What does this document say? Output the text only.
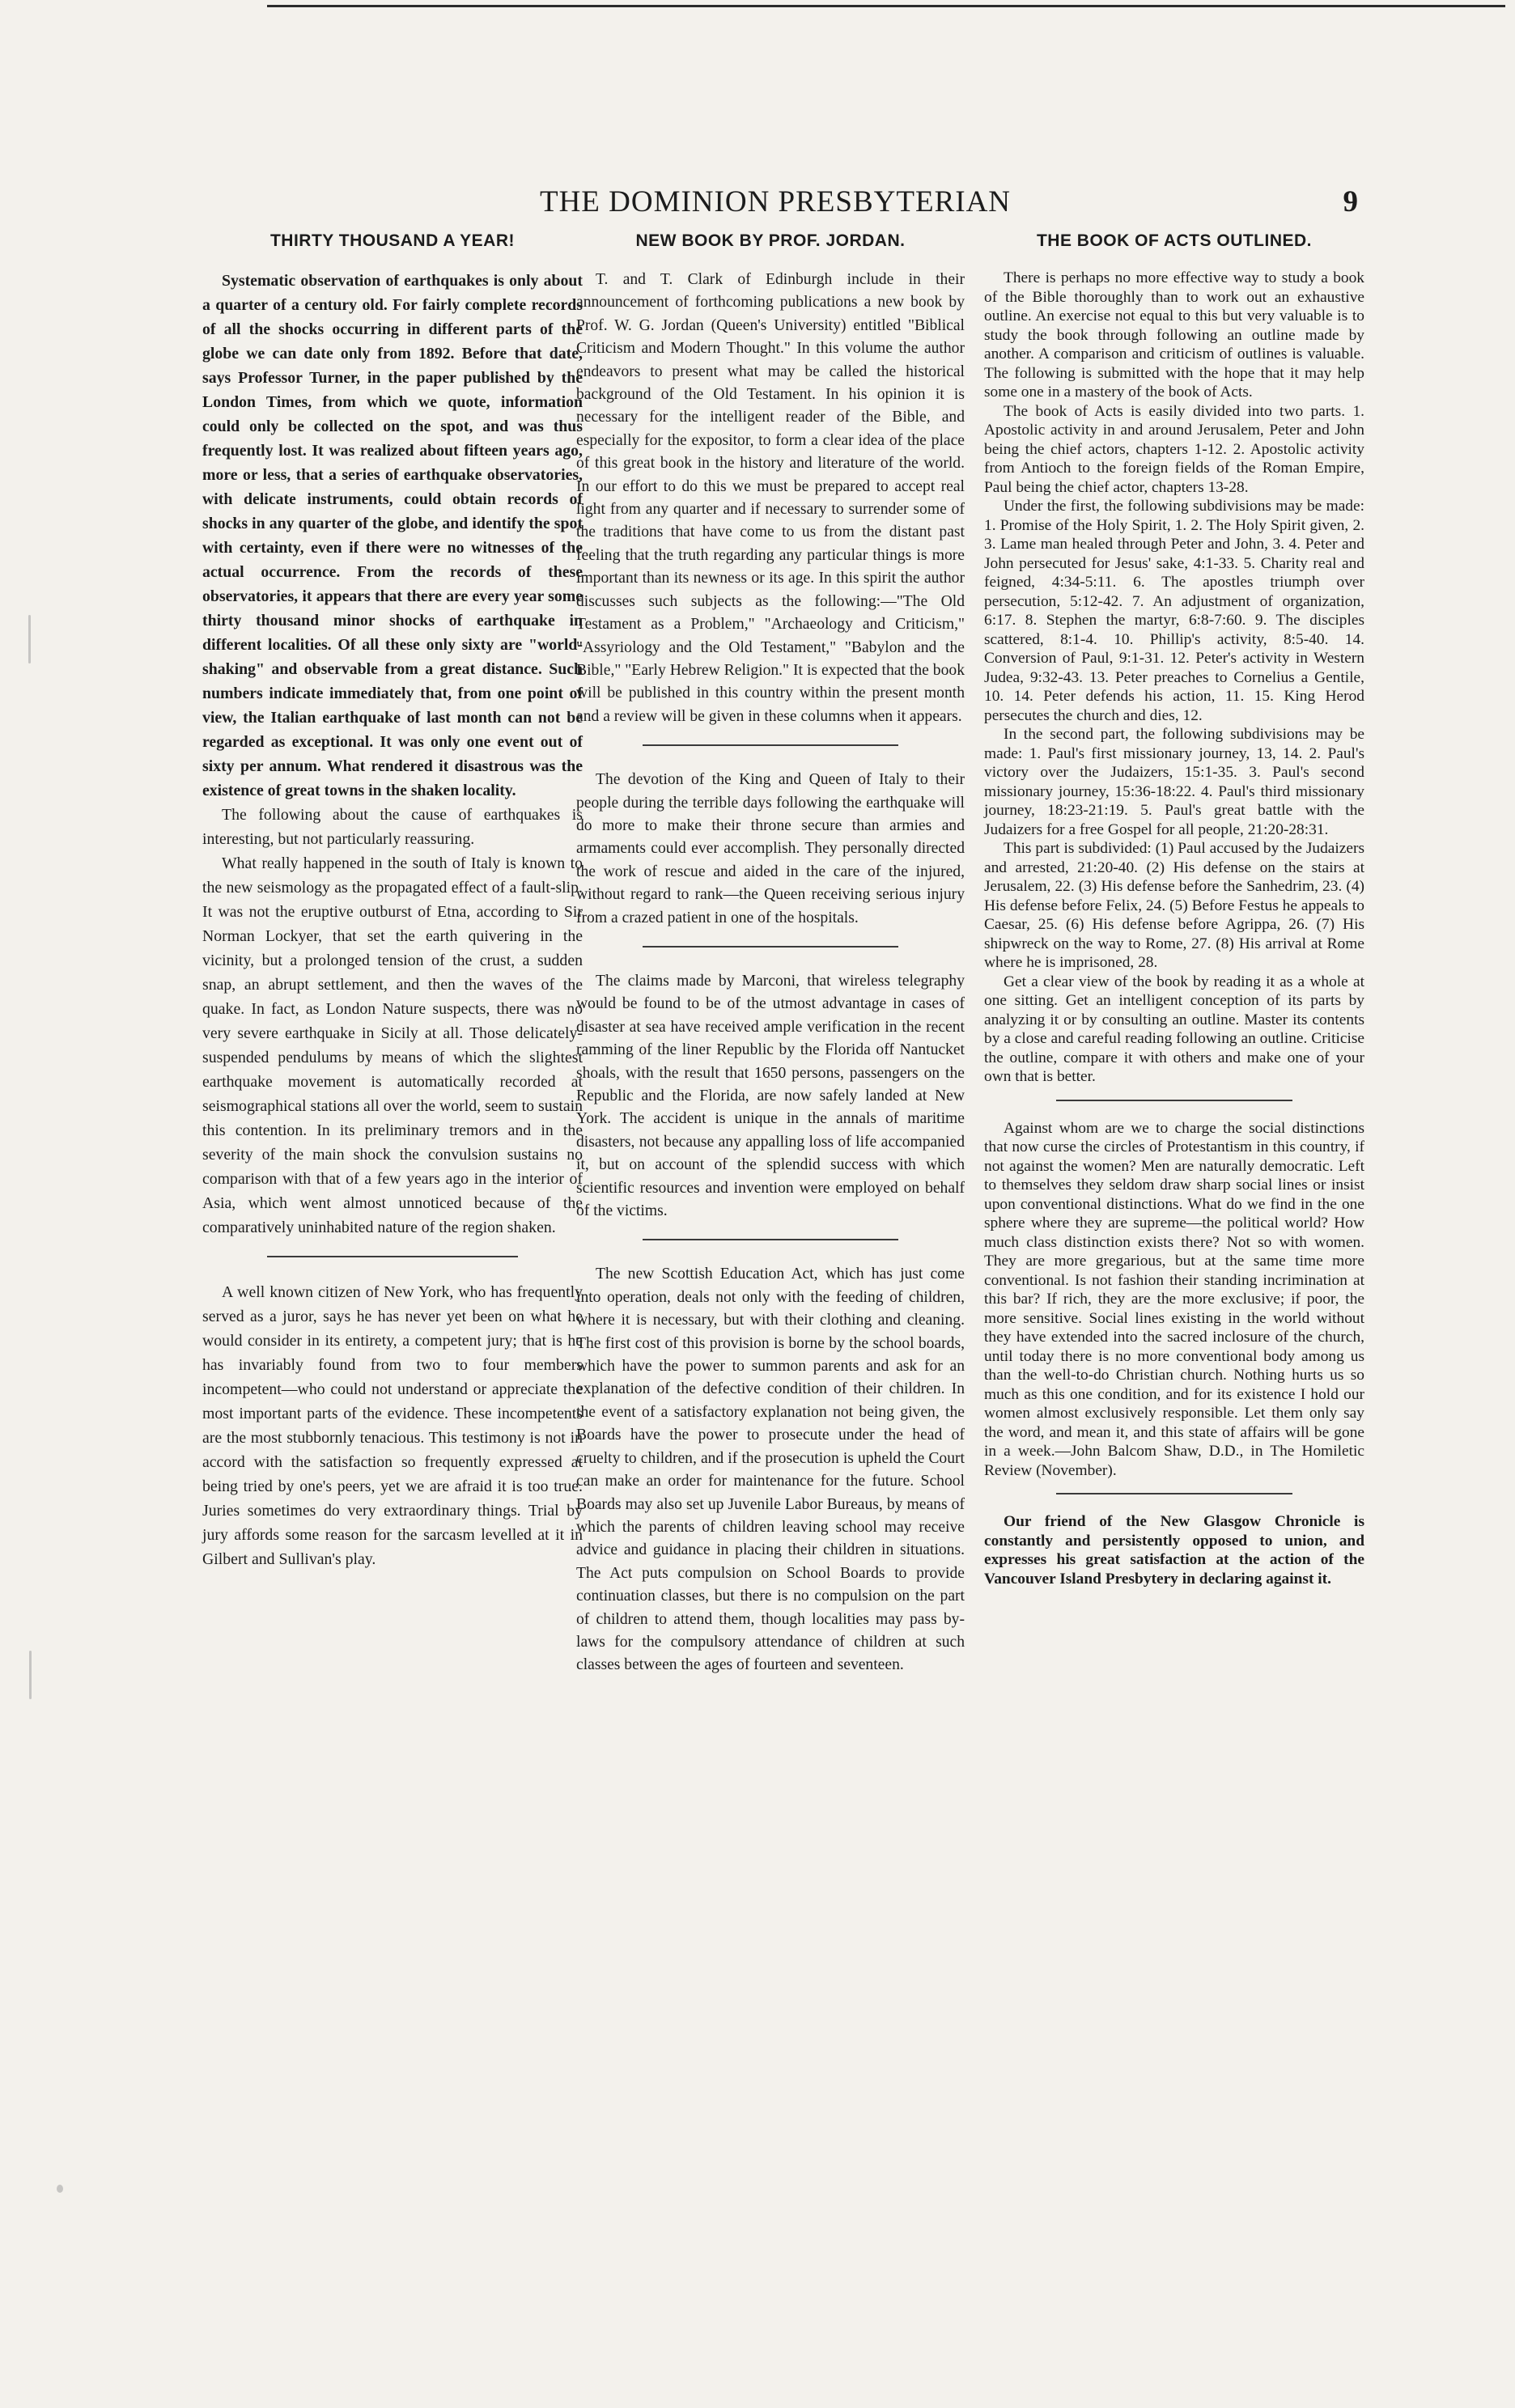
THE DOMINION PRESBYTERIAN	9
THIRTY THOUSAND A YEAR!

Systematic observation of earthquakes is only about a quarter of a century old. For fairly complete records of all the shocks occurring in different parts of the globe we can date only from 1892. Before that date, says Professor Turner, in the paper published by the London Times, from which we quote, information could only be collected on the spot, and was thus frequently lost. It was realized about fifteen years ago, more or less, that a series of earthquake observatories, with delicate instruments, could obtain records of shocks in any quarter of the globe, and identify the spot with certainty, even if there were no witnesses of the actual occurrence. From the records of these observatories, it appears that there are every year some thirty thousand minor shocks of earthquake in different localities. Of all these only sixty are "world-shaking" and observable from a great distance. Such numbers indicate immediately that, from one point of view, the Italian earthquake of last month can not be regarded as exceptional. It was only one event out of sixty per annum. What rendered it disastrous was the existence of great towns in the shaken locality.

The following about the cause of earthquakes is interesting, but not particularly reassuring.

What really happened in the south of Italy is known to the new seismology as the propagated effect of a fault-slip. It was not the eruptive outburst of Etna, according to Sir Norman Lockyer, that set the earth quivering in the vicinity, but a prolonged tension of the crust, a sudden snap, an abrupt settlement, and then the waves of the quake. In fact, as London Nature suspects, there was no very severe earthquake in Sicily at all. Those delicately-suspended pendulums by means of which the slightest earthquake movement is automatically recorded at seismographical stations all over the world, seem to sustain this contention. In its preliminary tremors and in the severity of the main shock the convulsion sustains no comparison with that of a few years ago in the interior of Asia, which went almost unnoticed because of the comparatively uninhabited nature of the region shaken.

A well known citizen of New York, who has frequently served as a juror, says he has never yet been on what he would consider in its entirety, a competent jury; that is he has invariably found from two to four members incompetent—who could not understand or appreciate the most important parts of the evidence. These incompetents are the most stubbornly tenacious. This testimony is not in accord with the satisfaction so frequently expressed at being tried by one's peers, yet we are afraid it is too true. Juries sometimes do very extraordinary things. Trial by jury affords some reason for the sarcasm levelled at it in Gilbert and Sullivan's play.

NEW BOOK BY PROF. JORDAN.

T. and T. Clark of Edinburgh include in their announcement of forthcoming publications a new book by Prof. W. G. Jordan (Queen's University) entitled "Biblical Criticism and Modern Thought." In this volume the author endeavors to present what may be called the historical background of the Old Testament. In his opinion it is necessary for the intelligent reader of the Bible, and especially for the expositor, to form a clear idea of the place of this great book in the history and literature of the world. In our effort to do this we must be prepared to accept real light from any quarter and if necessary to surrender some of the traditions that have come to us from the distant past feeling that the truth regarding any particular things is more important than its newness or its age. In this spirit the author discusses such subjects as the following:—"The Old Testament as a Problem," "Archaeology and Criticism," "Assyriology and the Old Testament," "Babylon and the Bible," "Early Hebrew Religion." It is expected that the book will be published in this country within the present month and a review will be given in these columns when it appears.

The devotion of the King and Queen of Italy to their people during the terrible days following the earthquake will do more to make their throne secure than armies and armaments could ever accomplish. They personally directed the work of rescue and aided in the care of the injured, without regard to rank—the Queen receiving serious injury from a crazed patient in one of the hospitals.

The claims made by Marconi, that wireless telegraphy would be found to be of the utmost advantage in cases of disaster at sea have received ample verification in the recent ramming of the liner Republic by the Florida off Nantucket shoals, with the result that 1650 persons, passengers on the Republic and the Florida, are now safely landed at New York. The accident is unique in the annals of maritime disasters, not because any appalling loss of life accompanied it, but on account of the splendid success with which scientific resources and invention were employed on behalf of the victims.

The new Scottish Education Act, which has just come into operation, deals not only with the feeding of children, where it is necessary, but with their clothing and cleaning. The first cost of this provision is borne by the school boards, which have the power to summon parents and ask for an explanation of the defective condition of their children. In the event of a satisfactory explanation not being given, the Boards have the power to prosecute under the head of cruelty to children, and if the prosecution is upheld the Court can make an order for maintenance for the future. School Boards may also set up Juvenile Labor Bureaus, by means of which the parents of children leaving school may receive advice and guidance in placing their children in situations. The Act puts compulsion on School Boards to provide continuation classes, but there is no compulsion on the part of children to attend them, though localities may pass by-laws for the compulsory attendance of children at such classes between the ages of fourteen and seventeen.

THE BOOK OF ACTS OUTLINED.

There is perhaps no more effective way to study a book of the Bible thoroughly than to work out an exhaustive outline. An exercise not equal to this but very valuable is to study the book through following an outline made by another. A comparison and criticism of outlines is valuable. The following is submitted with the hope that it may help some one in a mastery of the book of Acts.

The book of Acts is easily divided into two parts. 1. Apostolic activity in and around Jerusalem, Peter and John being the chief actors, chapters 1-12. 2. Apostolic activity from Antioch to the foreign fields of the Roman Empire, Paul being the chief actor, chapters 13-28.

Under the first, the following subdivisions may be made: 1. Promise of the Holy Spirit, 1. 2. The Holy Spirit given, 2. 3. Lame man healed through Peter and John, 3. 4. Peter and John persecuted for Jesus' sake, 4:1-33. 5. Charity real and feigned, 4:34-5:11. 6. The apostles triumph over persecution, 5:12-42. 7. An adjustment of organization, 6:17. 8. Stephen the martyr, 6:8-7:60. 9. The disciples scattered, 8:1-4. 10. Phillip's activity, 8:5-40. 14. Conversion of Paul, 9:1-31. 12. Peter's activity in Western Judea, 9:32-43. 13. Peter preaches to Cornelius a Gentile, 10. 14. Peter defends his action, 11. 15. King Herod persecutes the church and dies, 12.

In the second part, the following subdivisions may be made: 1. Paul's first missionary journey, 13, 14. 2. Paul's victory over the Judaizers, 15:1-35. 3. Paul's second missionary journey, 15:36-18:22. 4. Paul's third missionary journey, 18:23-21:19. 5. Paul's great battle with the Judaizers for a free Gospel for all people, 21:20-28:31.

This part is subdivided: (1) Paul accused by the Judaizers and arrested, 21:20-40. (2) His defense on the stairs at Jerusalem, 22. (3) His defense before the Sanhedrim, 23. (4) His defense before Felix, 24. (5) Before Festus he appeals to Caesar, 25. (6) His defense before Agrippa, 26. (7) His shipwreck on the way to Rome, 27. (8) His arrival at Rome where he is imprisoned, 28.

Get a clear view of the book by reading it as a whole at one sitting. Get an intelligent conception of its parts by analyzing it or by consulting an outline. Master its contents by a close and careful reading following an outline. Criticise the outline, compare it with others and make one of your own that is better.

Against whom are we to charge the social distinctions that now curse the circles of Protestantism in this country, if not against the women? Men are naturally democratic. Left to themselves they seldom draw sharp social lines or insist upon conventional distinctions. What do we find in the one sphere where they are supreme—the political world? How much class distinction exists there? Not so with women. They are more gregarious, but at the same time more conventional. Is not fashion their standing incrimination at this bar? If rich, they are the more exclusive; if poor, the more sensitive. Social lines existing in the world without they have extended into the sacred inclosure of the church, until today there is no more conventional body among us than the well-to-do Christian church. Nothing hurts us so much as this one condition, and for its existence I hold our women almost exclusively responsible. Let them only say the word, and mean it, and this state of affairs will be gone in a week.—John Balcom Shaw, D.D., in The Homiletic Review (November).

Our friend of the New Glasgow Chronicle is constantly and persistently opposed to union, and expresses his great satisfaction at the action of the Vancouver Island Presbytery in declaring against it.
